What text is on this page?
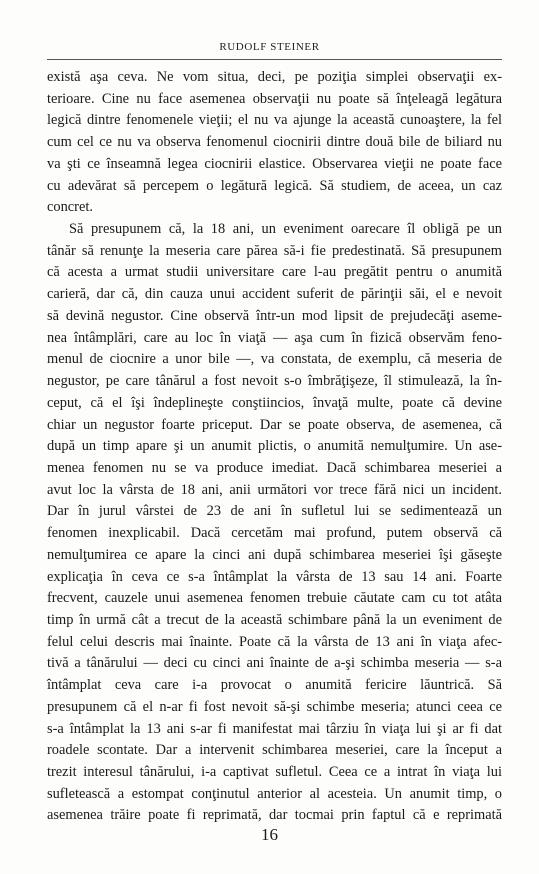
RUDOLF STEINER
există aşa ceva. Ne vom situa, deci, pe poziţia simplei observaţii ex-
terioare. Cine nu face asemenea observaţii nu poate să înţeleagă legătura
legică dintre fenomenele vieţii; el nu va ajunge la această cunoaştere, la fel
cum cel ce nu va observa fenomenul ciocnirii dintre două bile de biliard nu
va şti ce înseamnă legea ciocnirii elastice. Observarea vieţii ne poate face
cu adevărat să percepem o legătură legică. Să studiem, de aceea, un caz
concret.
Să presupunem că, la 18 ani, un eveniment oarecare îl obligă pe un
tânăr să renunţe la meseria care părea să-i fie predestinată. Să presupunem
că acesta a urmat studii universitare care l-au pregătit pentru o anumită
carieră, dar că, din cauza unui accident suferit de părinţii săi, el e nevoit
să devină negustor. Cine observă într-un mod lipsit de prejudecăţi aseme-
nea întâmplări, care au loc în viaţă — aşa cum în fizică observăm feno-
menul de ciocnire a unor bile —, va constata, de exemplu, că meseria de
negustor, pe care tânărul a fost nevoit s-o îmbrăţişeze, îl stimulează, la în-
ceput, că el îşi îndeplineşte conştiincios, învaţă multe, poate că devine
chiar un negustor foarte priceput. Dar se poate observa, de asemenea, că
după un timp apare şi un anumit plictis, o anumită nemulţumire. Un ase-
menea fenomen nu se va produce imediat. Dacă schimbarea meseriei a
avut loc la vârsta de 18 ani, anii următori vor trece fără nici un incident.
Dar în jurul vârstei de 23 de ani în sufletul lui se sedimentează un
fenomen inexplicabil. Dacă cercetăm mai profund, putem observă că
nemulţumirea ce apare la cinci ani după schimbarea meseriei îşi găseşte
explicaţia în ceva ce s-a întâmplat la vârsta de 13 sau 14 ani. Foarte
frecvent, cauzele unui asemenea fenomen trebuie căutate cam cu tot atâta
timp în urmă cât a trecut de la această schimbare până la un eveniment de
felul celui descris mai înainte. Poate că la vârsta de 13 ani în viaţa afec-
tivă a tânărului — deci cu cinci ani înainte de a-şi schimba meseria — s-a
întâmplat ceva care i-a provocat o anumită fericire lăuntrică. Să
presupunem că el n-ar fi fost nevoit să-şi schimbe meseria; atunci ceea ce
s-a întâmplat la 13 ani s-ar fi manifestat mai târziu în viaţa lui şi ar fi dat
roadele scontate. Dar a intervenit schimbarea meseriei, care la început a
trezit interesul tânărului, i-a captivat sufletul. Ceea ce a intrat în viaţa lui
sufletească a estompat conţinutul anterior al acesteia. Un anumit timp, o
asemenea trăire poate fi reprimată, dar tocmai prin faptul că e reprimată
16
